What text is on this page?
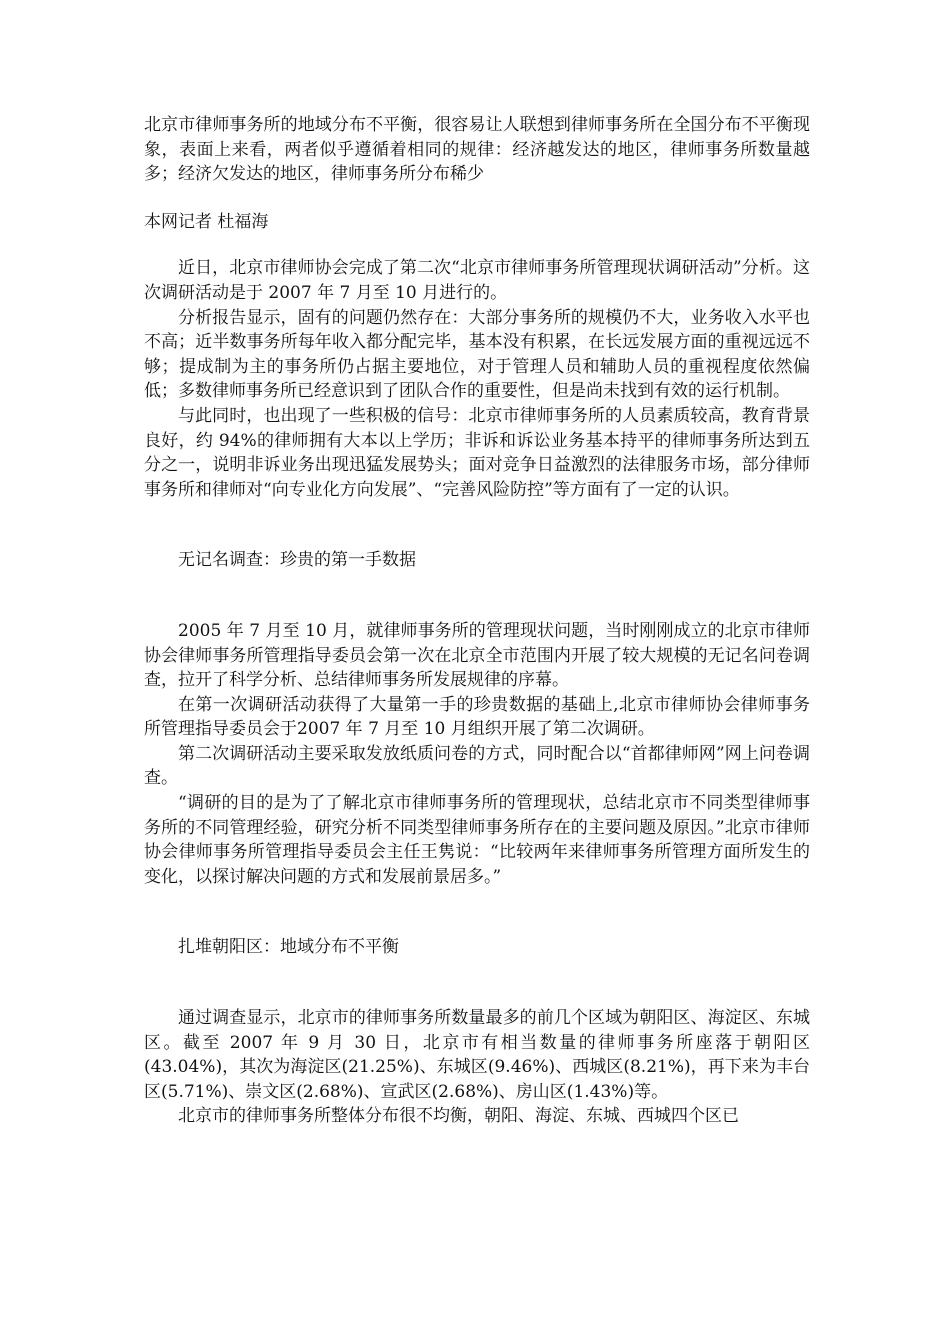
北京市律师事务所的地域分布不平衡，很容易让人联想到律师事务所在全国分布不平衡现象，表面上来看，两者似乎遵循着相同的规律：经济越发达的地区，律师事务所数量越多；经济欠发达的地区，律师事务所分布稀少

本网记者 杜福海

近日，北京市律师协会完成了第二次“北京市律师事务所管理现状调研活动”分析。这次调研活动是于 2007 年 7 月至 10 月进行的。

分析报告显示，固有的问题仍然存在：大部分事务所的规模仍不大，业务收入水平也不高；近半数事务所每年收入都分配完毕，基本没有积累，在长远发展方面的重视远远不够；提成制为主的事务所仍占据主要地位，对于管理人员和辅助人员的重视程度依然偏低；多数律师事务所已经意识到了团队合作的重要性，但是尚未找到有效的运行机制。

与此同时，也出现了一些积极的信号：北京市律师事务所的人员素质较高，教育背景良好，约 94%的律师拥有大本以上学历；非诉和诉讼业务基本持平的律师事务所达到五分之一，说明非诉业务出现迅猛发展势头；面对竞争日益激烈的法律服务市场，部分律师事务所和律师对“向专业化方向发展”、“完善风险防控”等方面有了一定的认识。

无记名调查：珍贵的第一手数据

2005 年 7 月至 10 月，就律师事务所的管理现状问题，当时刚刚成立的北京市律师协会律师事务所管理指导委员会第一次在北京全市范围内开展了较大规模的无记名问卷调查，拉开了科学分析、总结律师事务所发展规律的序幕。

在第一次调研活动获得了大量第一手的珍贵数据的基础上,北京市律师协会律师事务所管理指导委员会于2007 年 7 月至 10 月组织开展了第二次调研。

第二次调研活动主要采取发放纸质问卷的方式，同时配合以“首都律师网”网上问卷调查。

“调研的目的是为了了解北京市律师事务所的管理现状，总结北京市不同类型律师事务所的不同管理经验，研究分析不同类型律师事务所存在的主要问题及原因。”北京市律师协会律师事务所管理指导委员会主任王隽说：“比较两年来律师事务所管理方面所发生的变化，以探讨解决问题的方式和发展前景居多。”

扎堆朝阳区：地域分布不平衡

通过调查显示，北京市的律师事务所数量最多的前几个区域为朝阳区、海淀区、东城区。截至 2007 年 9 月 30 日，北京市有相当数量的律师事务所座落于朝阳区(43.04%)，其次为海淀区(21.25%)、东城区(9.46%)、西城区(8.21%)，再下来为丰台区(5.71%)、崇文区(2.68%)、宣武区(2.68%)、房山区(1.43%)等。

北京市的律师事务所整体分布很不均衡，朝阳、海淀、东城、西城四个区已
